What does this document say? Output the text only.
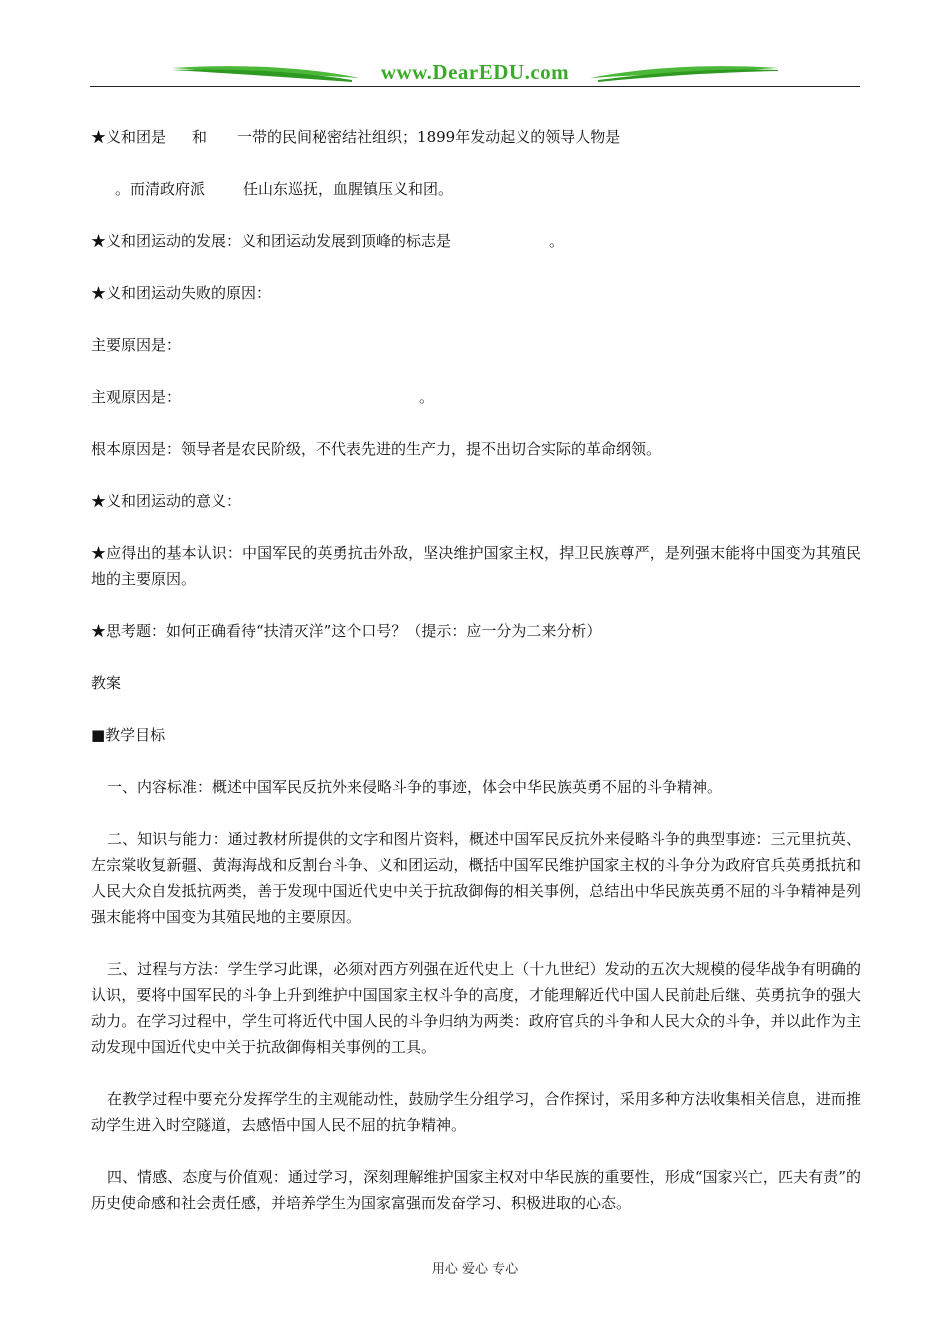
www.DearEDU.com
★义和团是 和 一带的民间秘密结社组织；1899年发动起义的领导人物是
。而清政府派	任山东巡抚，血腥镇压义和团。
★义和团运动的发展：义和团运动发展到顶峰的标志是	。
★义和团运动失败的原因：
主要原因是：
主观原因是：	。
根本原因是：领导者是农民阶级，不代表先进的生产力，提不出切合实际的革命纲领。
★义和团运动的意义：
★应得出的基本认识：中国军民的英勇抗击外敌，坚决维护国家主权，捍卫民族尊严，是列强末能将中国变为其殖民地的主要原因。
★思考题：如何正确看待“扶清灭洋”这个口号？（提示：应一分为二来分析）
教案
■教学目标
一、内容标准：概述中国军民反抗外来侵略斗争的事迹，体会中华民族英勇不屈的斗争精神。
二、知识与能力：通过教材所提供的文字和图片资料，概述中国军民反抗外来侵略斗争的典型事迹：三元里抗英、左宗棠收复新疆、黄海海战和反割台斗争、义和团运动，概括中国军民维护国家主权的斗争分为政府官兵英勇抵抗和人民大众自发抵抗两类，善于发现中国近代史中关于抗敌御侮的相关事例，总结出中华民族英勇不屈的斗争精神是列强末能将中国变为其殖民地的主要原因。
三、过程与方法：学生学习此课，必须对西方列强在近代史上（十九世纪）发动的五次大规模的侵华战争有明确的认识，要将中国军民的斗争上升到维护中国国家主权斗争的高度，才能理解近代中国人民前赴后继、英勇抗争的强大动力。在学习过程中，学生可将近代中国人民的斗争归纳为两类：政府官兵的斗争和人民大众的斗争，并以此作为主动发现中国近代史中关于抗敌御侮相关事例的工具。
在教学过程中要充分发挥学生的主观能动性，鼓励学生分组学习，合作探讨，采用多种方法收集相关信息，进而推动学生进入时空隧道，去感悟中国人民不屈的抗争精神。
四、情感、态度与价值观：通过学习，深刻理解维护国家主权对中华民族的重要性，形成“国家兴亡，匹夫有责”的历史使命感和社会责任感，并培养学生为国家富强而发奋学习、积极进取的心态。
用心 爱心 专心
